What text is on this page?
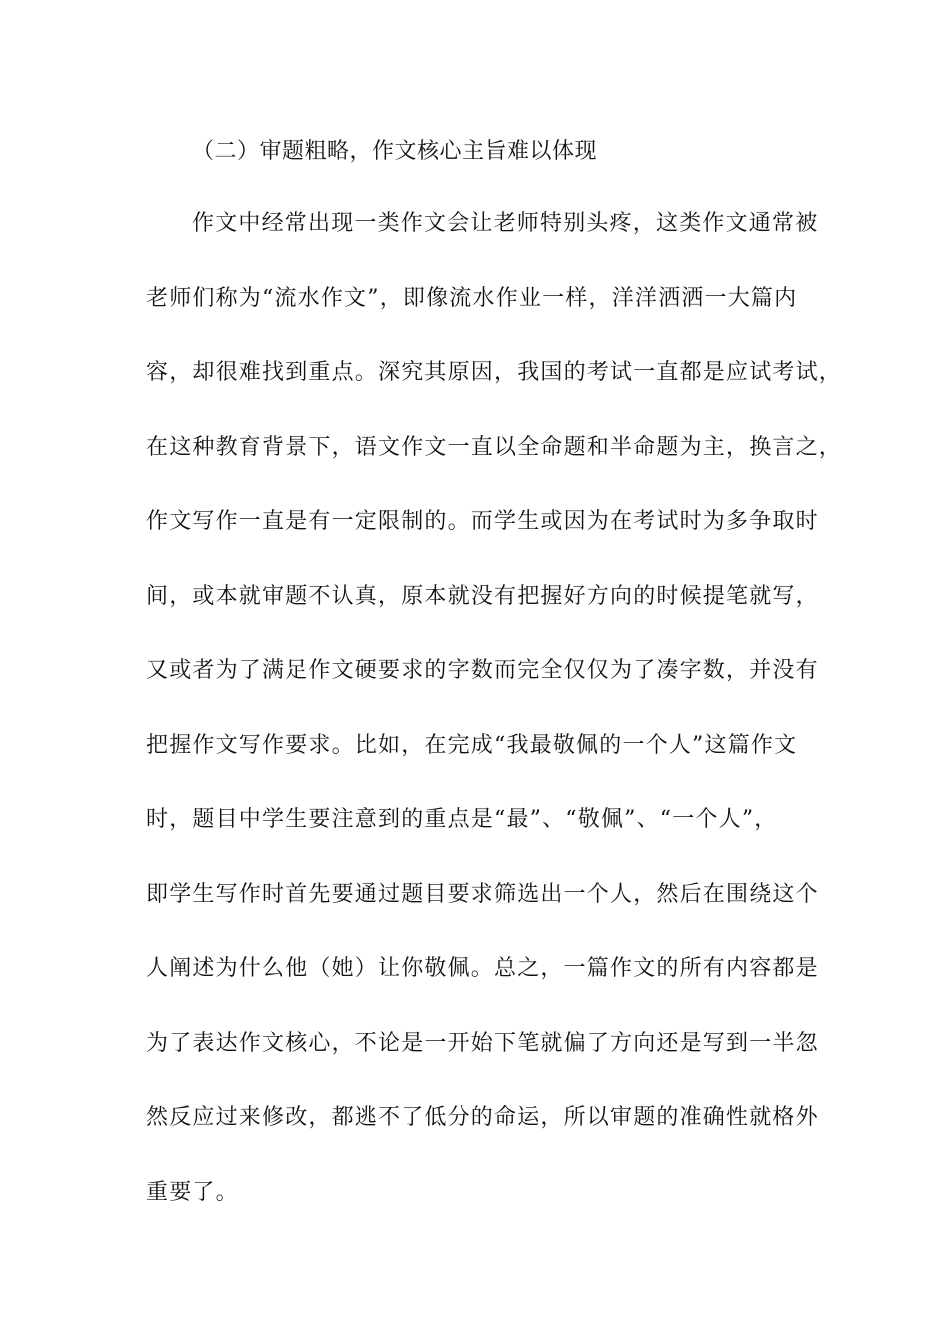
（二）审题粗略，作文核心主旨难以体现
作文中经常出现一类作文会让老师特别头疼，这类作文通常被
老师们称为“流水作文”，即像流水作业一样，洋洋洒洒一大篇内
容，却很难找到重点。深究其原因，我国的考试一直都是应试考试，
在这种教育背景下，语文作文一直以全命题和半命题为主，换言之，
作文写作一直是有一定限制的。而学生或因为在考试时为多争取时
间，或本就审题不认真，原本就没有把握好方向的时候提笔就写，
又或者为了满足作文硬要求的字数而完全仅仅为了凑字数，并没有
把握作文写作要求。比如，在完成“我最敬佩的一个人”这篇作文
时，题目中学生要注意到的重点是“最”、“敬佩”、“一个人”，
即学生写作时首先要通过题目要求筛选出一个人，然后在围绕这个
人阐述为什么他（她）让你敬佩。总之，一篇作文的所有内容都是
为了表达作文核心，不论是一开始下笔就偏了方向还是写到一半忽
然反应过来修改，都逃不了低分的命运，所以审题的准确性就格外
重要了。
